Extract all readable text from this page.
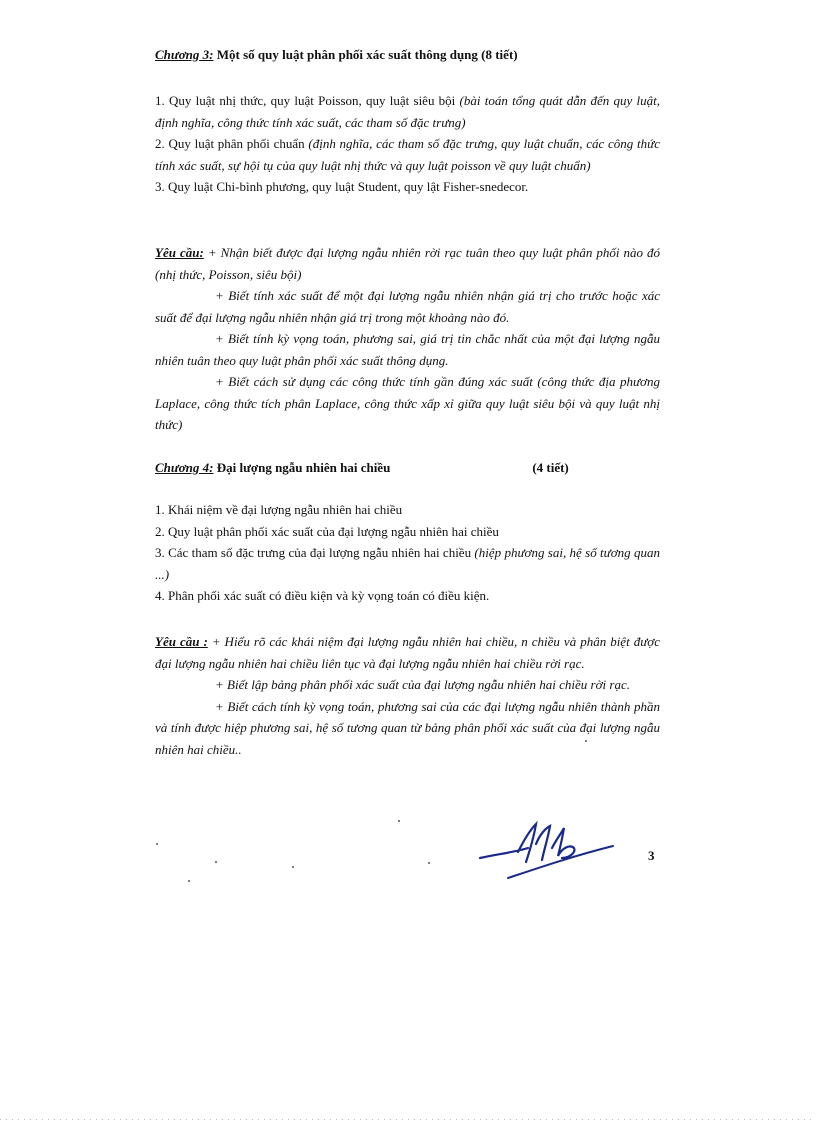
Chương 3: Một số quy luật phân phối xác suất thông dụng (8 tiết)

1. Quy luật nhị thức, quy luật Poisson, quy luật siêu bội (bài toán tổng quát dẫn đến quy luật, định nghĩa, công thức tính xác suất, các tham số đặc trưng)

2. Quy luật phân phối chuẩn (định nghĩa, các tham số đặc trưng, quy luật chuẩn, các công thức tính xác suất, sự hội tụ của quy luật nhị thức và quy luật poisson về quy luật chuẩn)

3. Quy luật Chi-bình phương, quy luật Student, quy lật Fisher-snedecor.

Yêu cầu: + Nhận biết được đại lượng ngẫu nhiên rời rạc tuân theo quy luật phân phối nào đó (nhị thức, Poisson, siêu bội)

+ Biết tính xác suất để một đại lượng ngẫu nhiên nhận giá trị cho trước hoặc xác suất để đại lượng ngẫu nhiên nhận giá trị trong một khoảng nào đó.

+ Biết tính kỳ vọng toán, phương sai, giá trị tin chắc nhất của một đại lượng ngẫu nhiên tuân theo quy luật phân phối xác suất thông dụng.

+ Biết cách sử dụng các công thức tính gần đúng xác suất (công thức địa phương Laplace, công thức tích phân Laplace, công thức xấp xỉ giữa quy luật siêu bội và quy luật nhị thức)

Chương 4: Đại lượng ngẫu nhiên hai chiều	(4 tiết)

1. Khái niệm về đại lượng ngẫu nhiên hai chiều

2. Quy luật phân phối xác suất của đại lượng ngẫu nhiên hai chiều

3. Các tham số đặc trưng của đại lượng ngẫu nhiên hai chiều (hiệp phương sai, hệ số tương quan ...)

4. Phân phối xác suất có điều kiện và kỳ vọng toán có điều kiện.

Yêu cầu : + Hiểu rõ các khái niệm đại lượng ngẫu nhiên hai chiều, n chiều và phân biệt được đại lượng ngẫu nhiên hai chiều liên tục và đại lượng ngẫu nhiên hai chiều rời rạc.

+ Biết lập bảng phân phối xác suất của đại lượng ngẫu nhiên hai chiều rời rạc.

+ Biết cách tính kỳ vọng toán, phương sai của các đại lượng ngẫu nhiên thành phần và tính được hiệp phương sai, hệ số tương quan từ bảng phân phối xác suất của đại lượng ngẫu nhiên hai chiều..

3
